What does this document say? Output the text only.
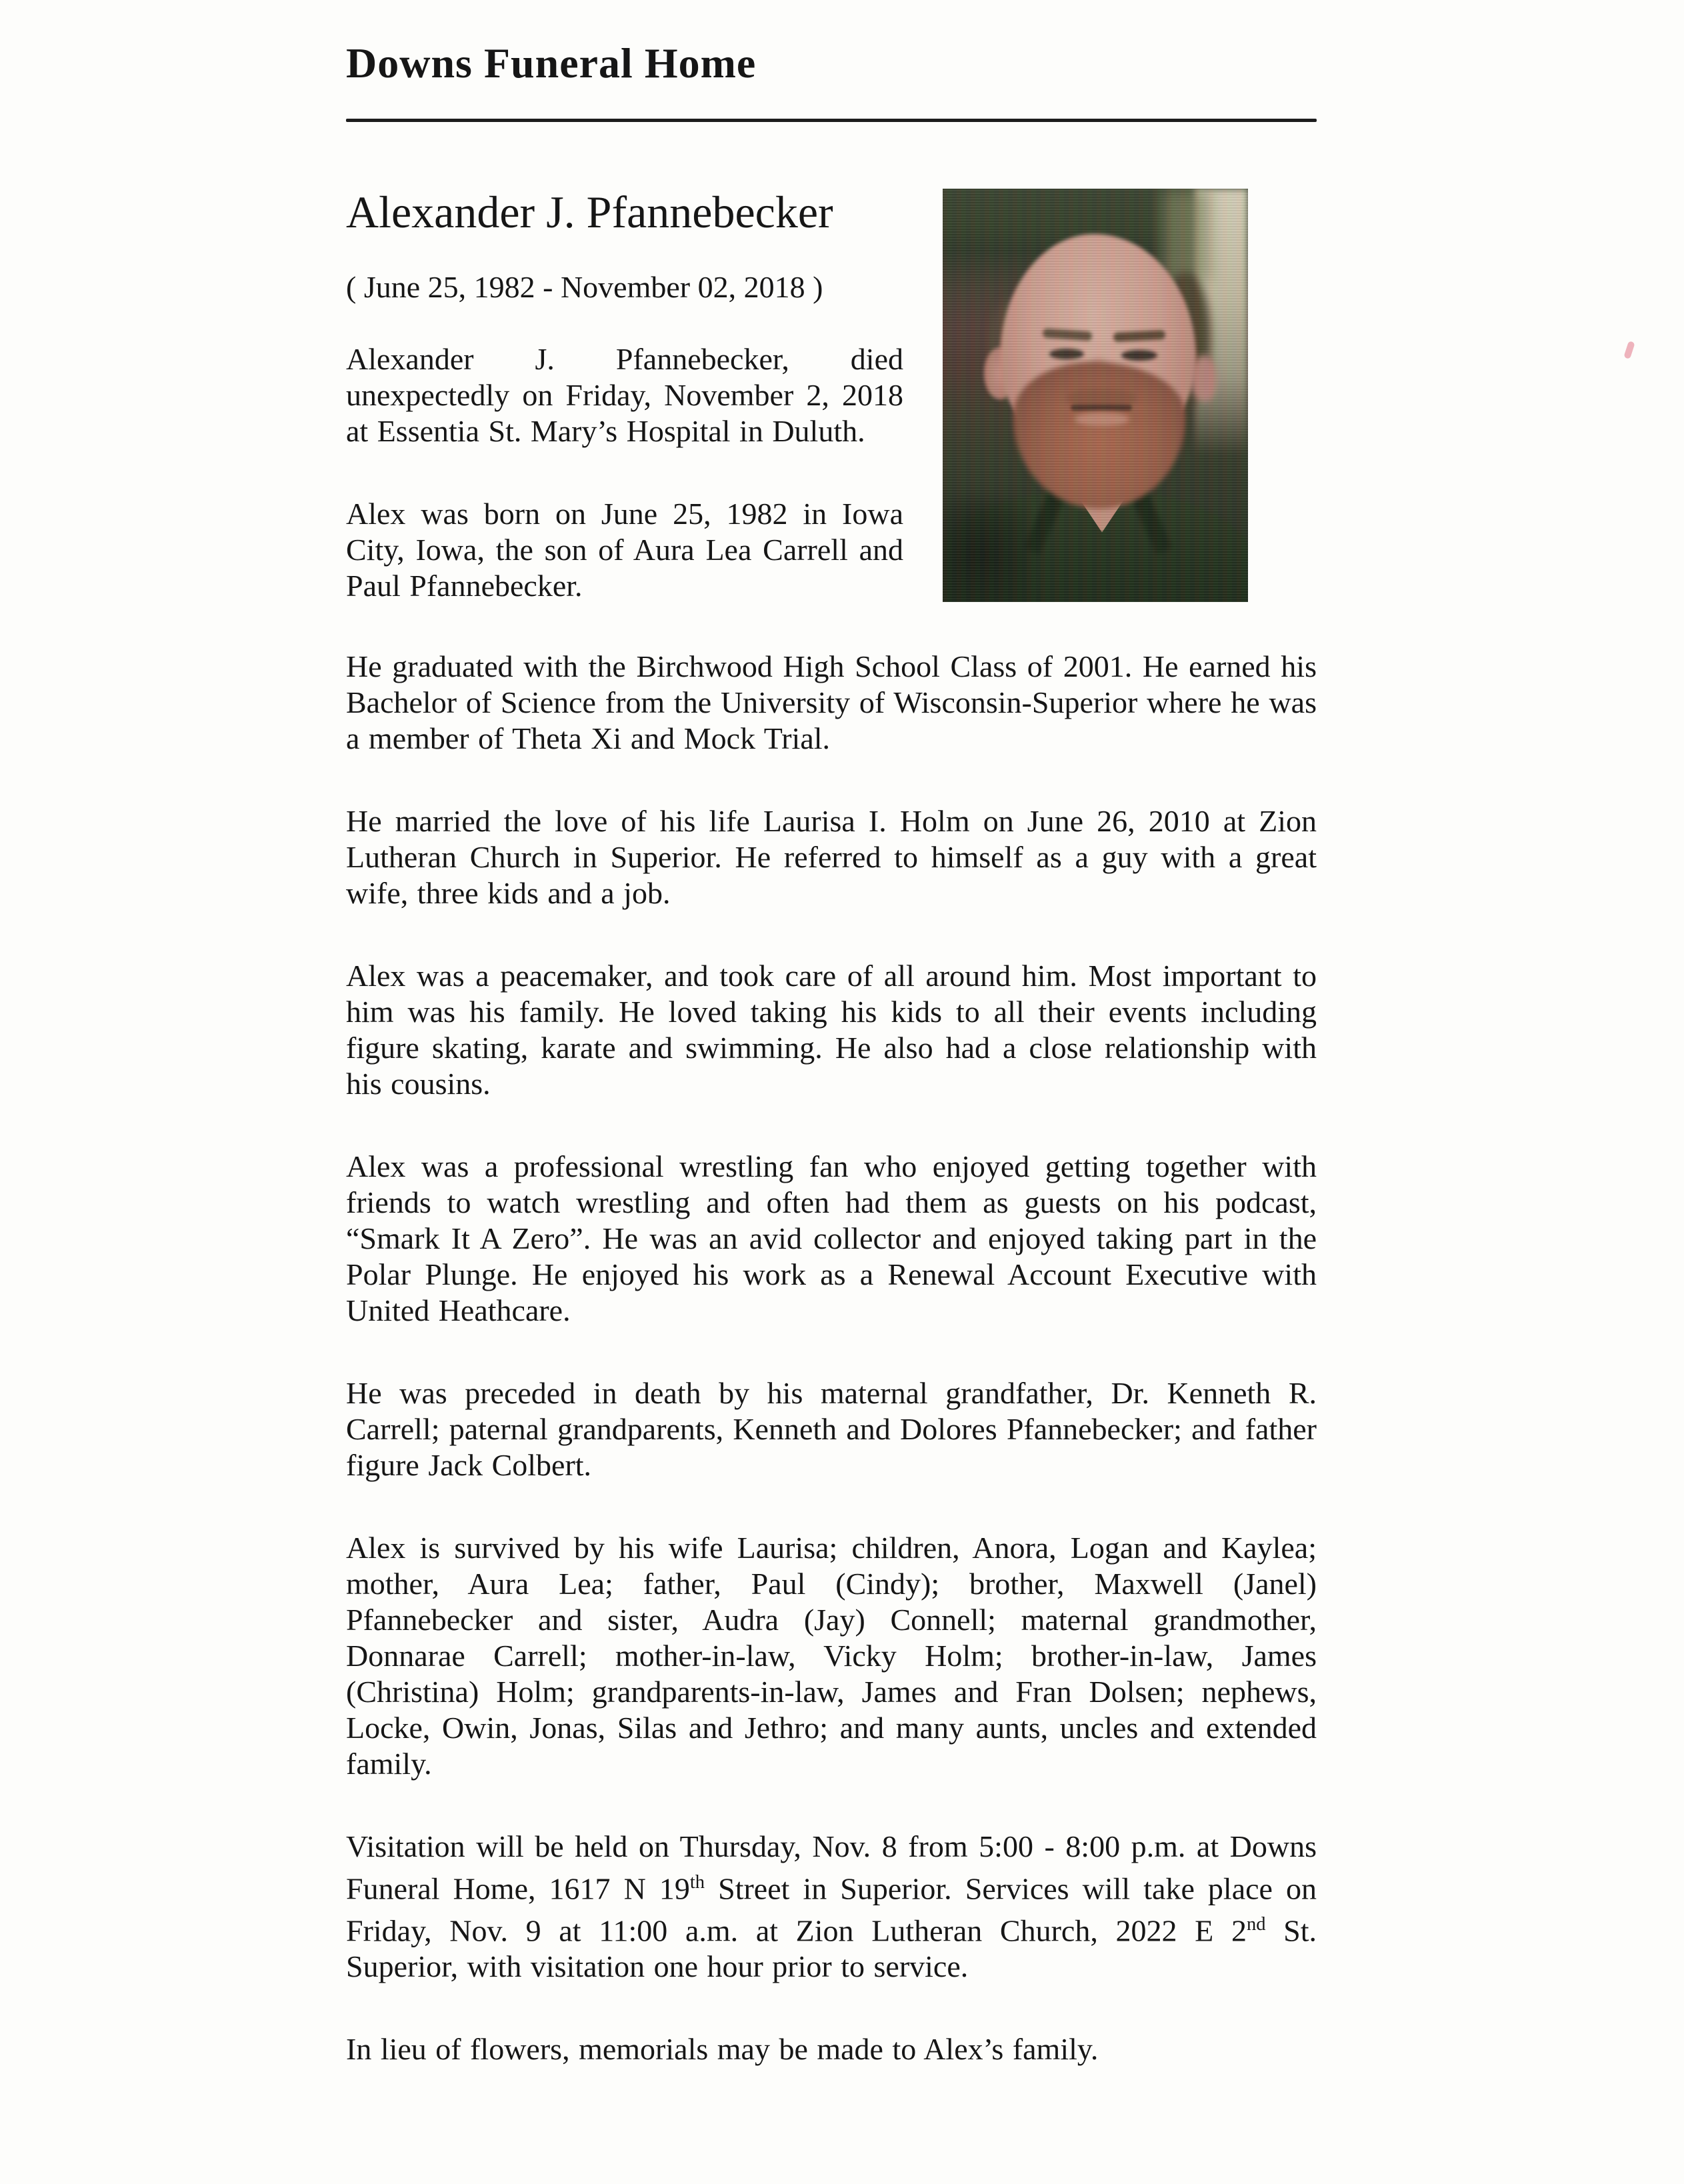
Downs Funeral Home
Alexander J. Pfannebecker
( June 25, 1982 - November 02, 2018 )

Alexander J. Pfannebecker, died unexpectedly on Friday, November 2, 2018 at Essentia St. Mary’s Hospital in Duluth.

Alex was born on June 25, 1982 in Iowa City, Iowa, the son of Aura Lea Carrell and Paul Pfannebecker.

He graduated with the Birchwood High School Class of 2001. He earned his Bachelor of Science from the University of Wisconsin-Superior where he was a member of Theta Xi and Mock Trial.

He married the love of his life Laurisa I. Holm on June 26, 2010 at Zion Lutheran Church in Superior. He referred to himself as a guy with a great wife, three kids and a job.

Alex was a peacemaker, and took care of all around him. Most important to him was his family. He loved taking his kids to all their events including figure skating, karate and swimming. He also had a close relationship with his cousins.

Alex was a professional wrestling fan who enjoyed getting together with friends to watch wrestling and often had them as guests on his podcast, “Smark It A Zero”. He was an avid collector and enjoyed taking part in the Polar Plunge. He enjoyed his work as a Renewal Account Executive with United Heathcare.

He was preceded in death by his maternal grandfather, Dr. Kenneth R. Carrell; paternal grandparents, Kenneth and Dolores Pfannebecker; and father figure Jack Colbert.

Alex is survived by his wife Laurisa; children, Anora, Logan and Kaylea; mother, Aura Lea; father, Paul (Cindy); brother, Maxwell (Janel) Pfannebecker and sister, Audra (Jay) Connell; maternal grandmother, Donnarae Carrell; mother-in-law, Vicky Holm; brother-in-law, James (Christina) Holm; grandparents-in-law, James and Fran Dolsen; nephews, Locke, Owin, Jonas, Silas and Jethro; and many aunts, uncles and extended family.

Visitation will be held on Thursday, Nov. 8 from 5:00 - 8:00 p.m. at Downs Funeral Home, 1617 N 19th Street in Superior. Services will take place on Friday, Nov. 9 at 11:00 a.m. at Zion Lutheran Church, 2022 E 2nd St. Superior, with visitation one hour prior to service.

In lieu of flowers, memorials may be made to Alex’s family.
